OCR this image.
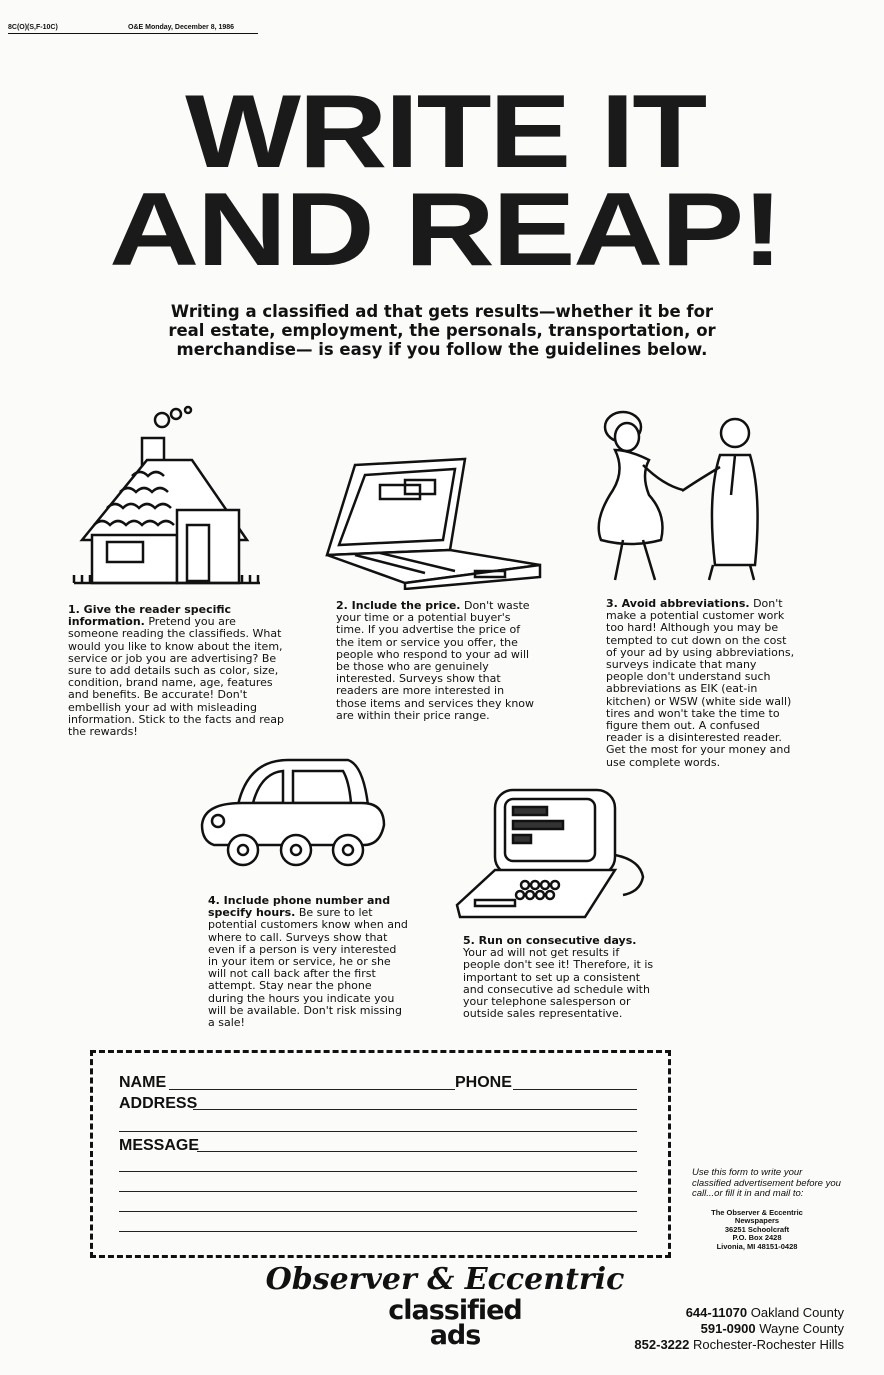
8C(O)(S,F-10C)	O&E Monday, December 8, 1986
WRITE IT
AND REAP!
Writing a classified ad that gets results—whether it be for real estate, employment, the personals, transportation, or merchandise— is easy if you follow the guidelines below.
1. Give the reader specific information. Pretend you are someone reading the classifieds. What would you like to know about the item, service or job you are advertising? Be sure to add details such as color, size, condition, brand name, age, features and benefits. Be accurate! Don't embellish your ad with misleading information. Stick to the facts and reap the rewards!
2. Include the price. Don't waste your time or a potential buyer's time. If you advertise the price of the item or service you offer, the people who respond to your ad will be those who are genuinely interested. Surveys show that readers are more interested in those items and services they know are within their price range.
3. Avoid abbreviations. Don't make a potential customer work too hard! Although you may be tempted to cut down on the cost of your ad by using abbreviations, surveys indicate that many people don't understand such abbreviations as EIK (eat-in kitchen) or WSW (white side wall) tires and won't take the time to figure them out. A confused reader is a disinterested reader. Get the most for your money and use complete words.
4. Include phone number and specify hours. Be sure to let potential customers know when and where to call. Surveys show that even if a person is very interested in your item or service, he or she will not call back after the first attempt. Stay near the phone during the hours you indicate you will be available. Don't risk missing a sale!
5. Run on consecutive days. Your ad will not get results if people don't see it! Therefore, it is important to set up a consistent and consecutive ad schedule with your telephone salesperson or outside sales representative.
NAME	PHONE
ADDRESS
MESSAGE
Use this form to write your classified advertisement before you call...or fill it in and mail to:
The Observer & Eccentric
Newspapers
36251 Schoolcraft
P.O. Box 2428
Livonia, MI 48151-0428
Observer & Eccentric
classified
ads
644-11070 Oakland County
591-0900 Wayne County
852-3222 Rochester-Rochester Hills
